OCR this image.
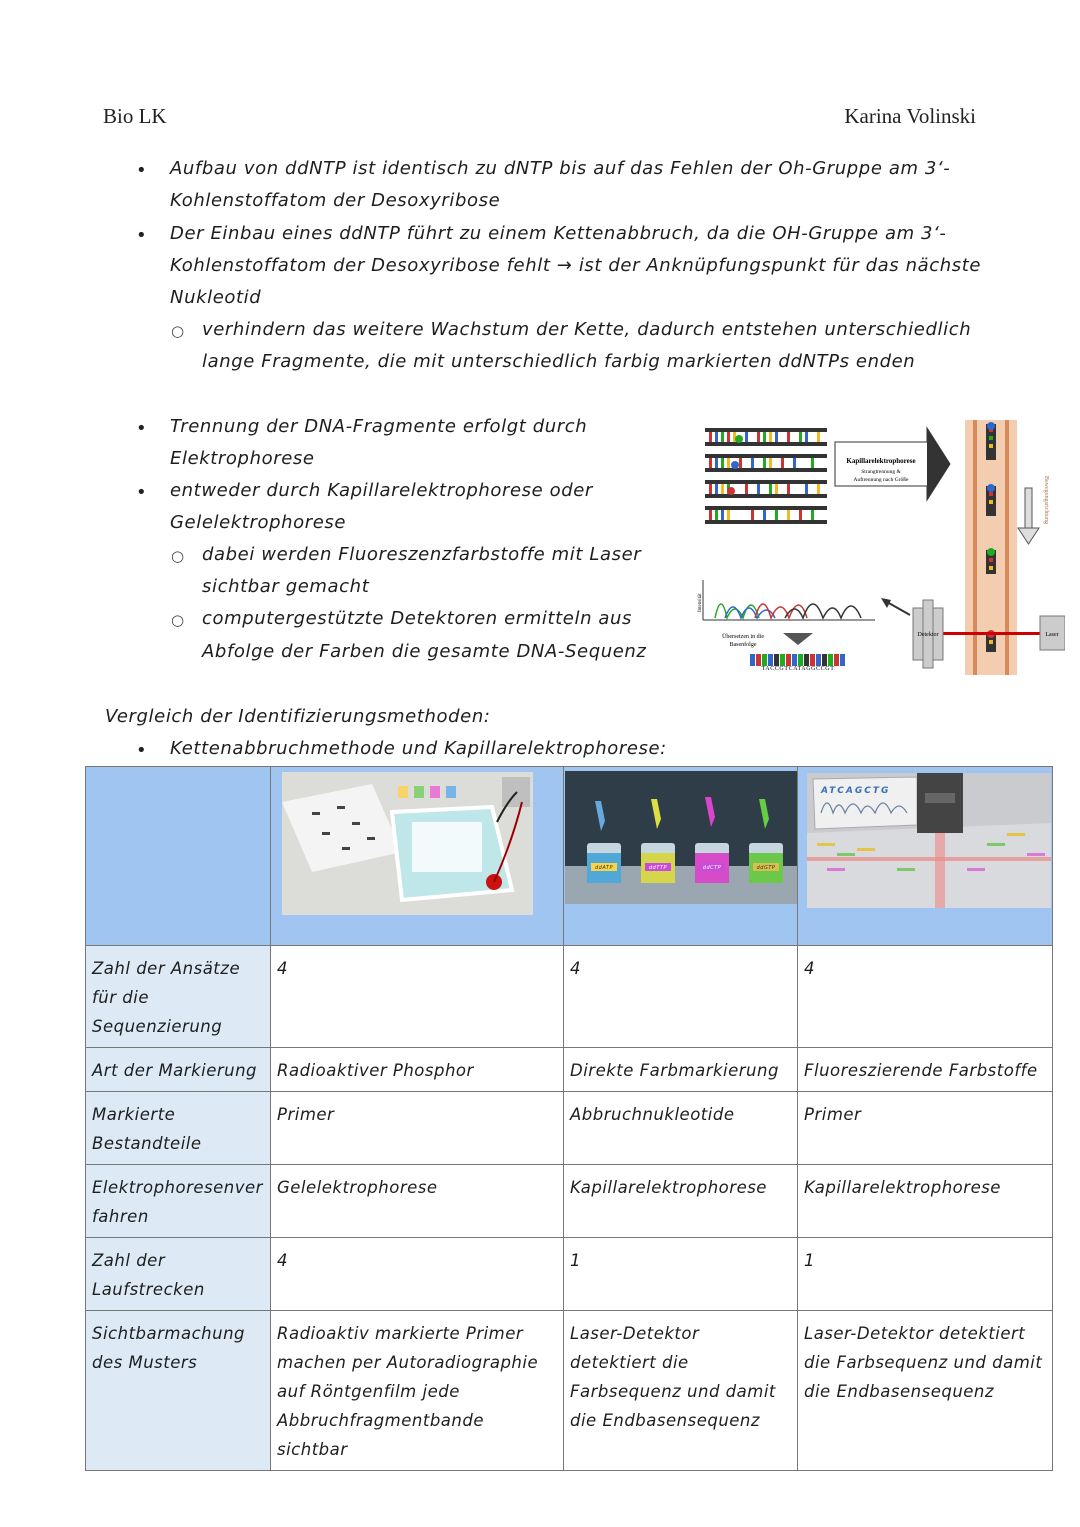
Bio LK	Karina Volinski
• Aufbau von ddNTP ist identisch zu dNTP bis auf das Fehlen der Oh-Gruppe am 3‘-
Kohlenstoffatom der Desoxyribose
• Der Einbau eines ddNTP führt zu einem Kettenabbruch, da die OH-Gruppe am 3‘-
Kohlenstoffatom der Desoxyribose fehlt → ist der Anknüpfungspunkt für das nächste
Nukleotid
○ verhindern das weitere Wachstum der Kette, dadurch entstehen unterschiedlich
lange Fragmente, die mit unterschiedlich farbig markierten ddNTPs enden
• Trennung der DNA-Fragmente erfolgt durch
Elektrophorese
• entweder durch Kapillarelektrophorese oder
Gelelektrophorese
○ dabei werden Fluoreszenzfarbstoffe mit Laser
sichtbar gemacht
○ computergestützte Detektoren ermitteln aus
Abfolge der Farben die gesamte DNA-Sequenz
Kapillarelektrophorese
Strangtrennung &
Auftrennung nach Größe	Bewegungsrichtung
Detektor	Laser
Intensität
Übersetzen in die
Basenfolge
TACCGTCATAGGCCGT
Vergleich der Identifizierungsmethoden:
• Kettenabbruchmethode und Kapillarelektrophorese:

ddATP ddTTP ddCTP ddGTP	ATCAGCTG

Zahl der Ansätze für die Sequenzierung	4	4	4
Art der Markierung	Radioaktiver Phosphor	Direkte Farbmarkierung	Fluoreszierende Farbstoffe
Markierte Bestandteile	Primer	Abbruchnukleotide	Primer
Elektrophoresenverfahren	Gelelektrophorese	Kapillarelektrophorese	Kapillarelektrophorese
Zahl der Laufstrecken	4	1	1
Sichtbarmachung des Musters	Radioaktiv markierte Primer machen per Autoradiographie auf Röntgenfilm jede Abbruchfragmentbande sichtbar	Laser-Detektor detektiert die Farbsequenz und damit die Endbasensequenz	Laser-Detektor detektiert die Farbsequenz und damit die Endbasensequenz
